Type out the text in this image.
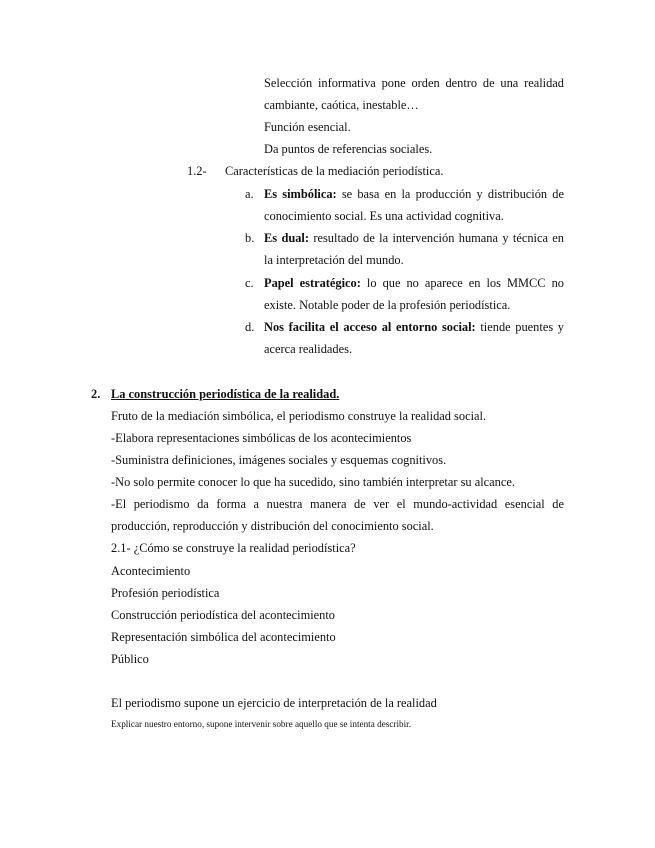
Selección informativa pone orden dentro de una realidad
cambiante, caótica, inestable…
Función esencial.
Da puntos de referencias sociales.
1.2- Características de la mediación periodística.
a. Es simbólica: se basa en la producción y distribución de
conocimiento social. Es una actividad cognitiva.
b. Es dual: resultado de la intervención humana y técnica en
la interpretación del mundo.
c. Papel estratégico: lo que no aparece en los MMCC no
existe. Notable poder de la profesión periodística.
d. Nos facilita el acceso al entorno social: tiende puentes y
acerca realidades.
2. La construcción periodística de la realidad.
Fruto de la mediación simbólica, el periodismo construye la realidad social.
-Elabora representaciones simbólicas de los acontecimientos
-Suministra definiciones, imágenes sociales y esquemas cognitivos.
-No solo permite conocer lo que ha sucedido, sino también interpretar su alcance.
-El periodismo da forma a nuestra manera de ver el mundo-actividad esencial de
producción, reproducción y distribución del conocimiento social.
2.1- ¿Cómo se construye la realidad periodística?
Acontecimiento
Profesión periodística
Construcción periodística del acontecimiento
Representación simbólica del acontecimiento
Público
El periodismo supone un ejercicio de interpretación de la realidad
Explicar nuestro entorno, supone intervenir sobre aquello que se intenta describir.
